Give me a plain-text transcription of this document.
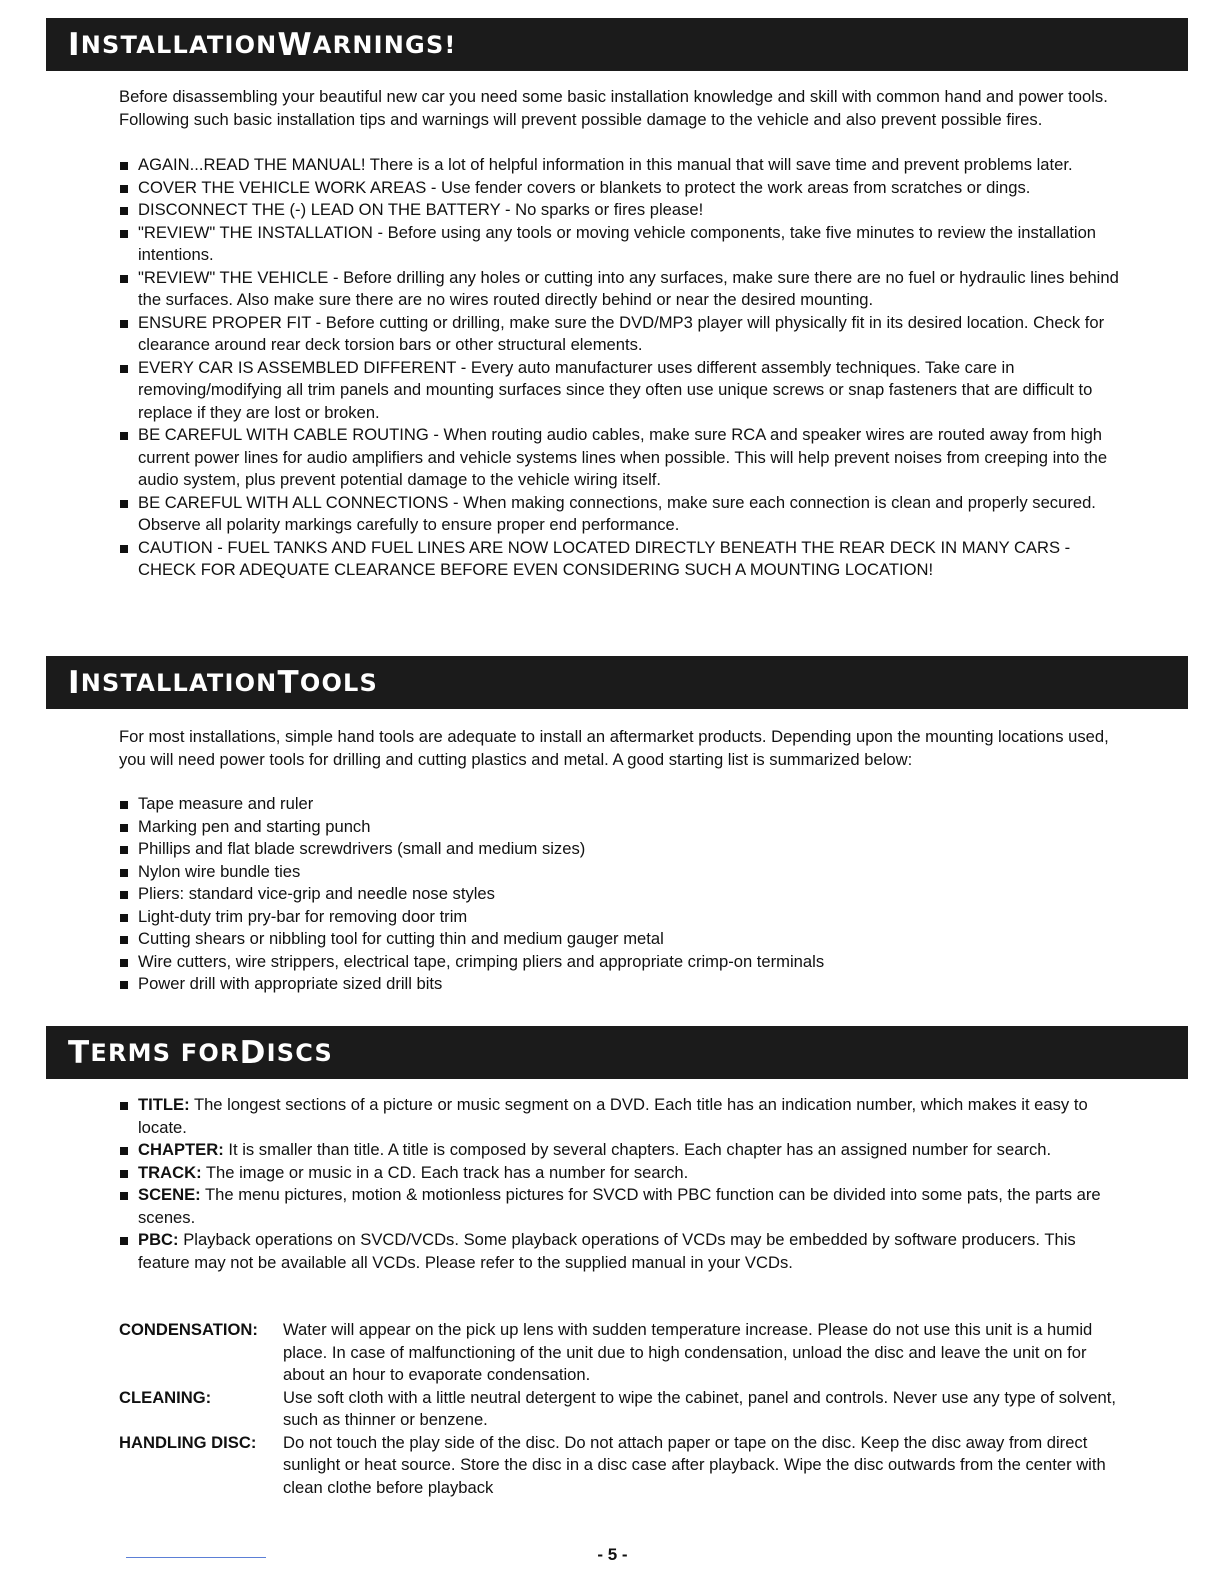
I NSTALLATION W ARNINGS!

Before disassembling your beautiful new car you need some basic installation knowledge and skill with common hand and power tools. Following such basic installation tips and warnings will prevent possible damage to the vehicle and also prevent possible fires.

AGAIN...READ THE MANUAL! There is a lot of helpful information in this manual that will save time and prevent problems later.
COVER THE VEHICLE WORK AREAS - Use fender covers or blankets to protect the work areas from scratches or dings.
DISCONNECT THE (-) LEAD ON THE BATTERY - No sparks or fires please!
"REVIEW" THE INSTALLATION - Before using any tools or moving vehicle components, take five minutes to review the installation intentions.
"REVIEW" THE VEHICLE - Before drilling any holes or cutting into any surfaces, make sure there are no fuel or hydraulic lines behind the surfaces. Also make sure there are no wires routed directly behind or near the desired mounting.
ENSURE PROPER FIT - Before cutting or drilling, make sure the DVD/MP3 player will physically fit in its desired location. Check for clearance around rear deck torsion bars or other structural elements.
EVERY CAR IS ASSEMBLED DIFFERENT - Every auto manufacturer uses different assembly techniques. Take care in removing/modifying all trim panels and mounting surfaces since they often use unique screws or snap fasteners that are difficult to replace if they are lost or broken.
BE CAREFUL WITH CABLE ROUTING - When routing audio cables, make sure RCA and speaker wires are routed away from high current power lines for audio amplifiers and vehicle systems lines when possible. This will help prevent noises from creeping into the audio system, plus prevent potential damage to the vehicle wiring itself.
BE CAREFUL WITH ALL CONNECTIONS - When making connections, make sure each connection is clean and properly secured. Observe all polarity markings carefully to ensure proper end performance.
CAUTION - FUEL TANKS AND FUEL LINES ARE NOW LOCATED DIRECTLY BENEATH THE REAR DECK IN MANY CARS - CHECK FOR ADEQUATE CLEARANCE BEFORE EVEN CONSIDERING SUCH A MOUNTING LOCATION!
I NSTALLATION T OOLS

For most installations, simple hand tools are adequate to install an aftermarket products. Depending upon the mounting locations used, you will need power tools for drilling and cutting plastics and metal. A good starting list is summarized below:

Tape measure and ruler
Marking pen and starting punch
Phillips and flat blade screwdrivers (small and medium sizes)
Nylon wire bundle ties
Pliers: standard vice-grip and needle nose styles
Light-duty trim pry-bar for removing door trim
Cutting shears or nibbling tool for cutting thin and medium gauger metal
Wire cutters, wire strippers, electrical tape, crimping pliers and appropriate crimp-on terminals
Power drill with appropriate sized drill bits
T ERMS FOR D ISCS
TITLE: The longest sections of a picture or music segment on a DVD. Each title has an indication number, which makes it easy to locate.
CHAPTER: It is smaller than title. A title is composed by several chapters. Each chapter has an assigned number for search.
TRACK: The image or music in a CD. Each track has a number for search.
SCENE: The menu pictures, motion & motionless pictures for SVCD with PBC function can be divided into some pats, the parts are scenes.
PBC: Playback operations on SVCD/VCDs. Some playback operations of VCDs may be embedded by software producers. This feature may not be available all VCDs. Please refer to the supplied manual in your VCDs.
CONDENSATION:	Water will appear on the pick up lens with sudden temperature increase. Please do not use this unit is a humid place. In case of malfunctioning of the unit due to high condensation, unload the disc and leave the unit on for about an hour to evaporate condensation.
CLEANING:	Use soft cloth with a little neutral detergent to wipe the cabinet, panel and controls. Never use any type of solvent, such as thinner or benzene.
HANDLING DISC:	Do not touch the play side of the disc. Do not attach paper or tape on the disc. Keep the disc away from direct sunlight or heat source. Store the disc in a disc case after playback. Wipe the disc outwards from the center with clean clothe before playback
- 5 -
